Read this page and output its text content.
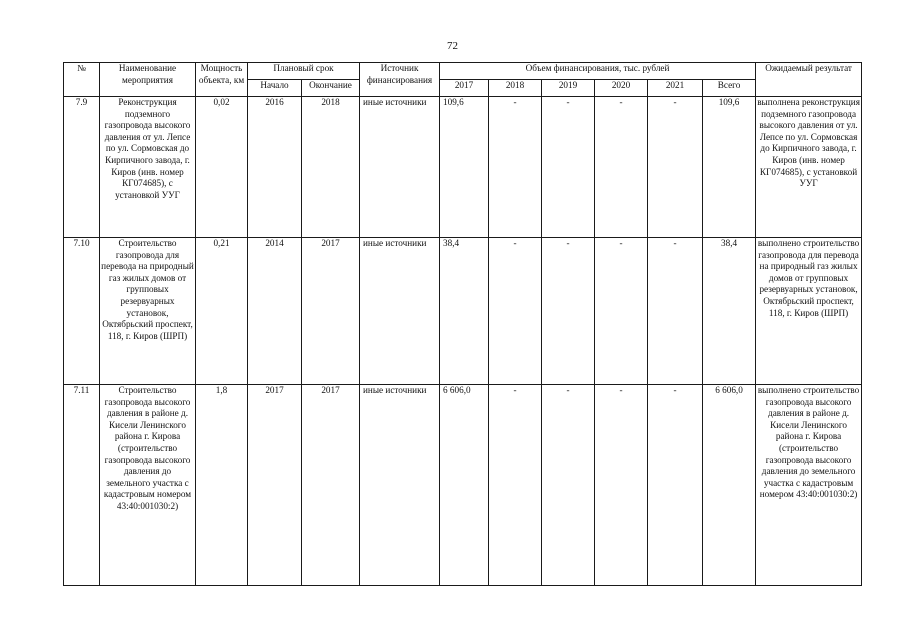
72
№	Наименование мероприятия	Мощность объекта, км	Плановый срок		Источник финансирования	Объем финансирования, тыс. рублей						Ожидаемый результат
			Начало	Окончание		2017	2018	2019	2020	2021	Всего	
7.9	Реконструкция подземного газопровода высокого давления от ул. Лепсе по ул. Сормовская до Кирпичного завода, г. Киров (инв. номер КГ074685), с установкой УУГ	0,02	2016	2018	иные источники	109,6	-	-	-	-	109,6	выполнена реконструкция подземного газопровода высокого давления от ул. Лепсе по ул. Сормовская до Кирпичного завода, г. Киров (инв. номер КГ074685), с установкой УУГ
7.10	Строительство газопровода для перевода на природный газ жилых домов от групповых резервуарных установок, Октябрьский проспект, 118, г. Киров (ШРП)	0,21	2014	2017	иные источники	38,4	-	-	-	-	38,4	выполнено строительство газопровода для перевода на природный газ жилых домов от групповых резервуарных установок, Октябрьский проспект, 118, г. Киров (ШРП)
7.11	Строительство газопровода высокого давления в районе д. Кисели Ленинского района г. Кирова (строительство газопровода высокого давления до земельного участка с кадастровым номером 43:40:001030:2)	1,8	2017	2017	иные источники	6 606,0	-	-	-	-	6 606,0	выполнено строительство газопровода высокого давления в районе д. Кисели Ленинского района г. Кирова (строительство газопровода высокого давления до земельного участка с кадастровым номером 43:40:001030:2)
